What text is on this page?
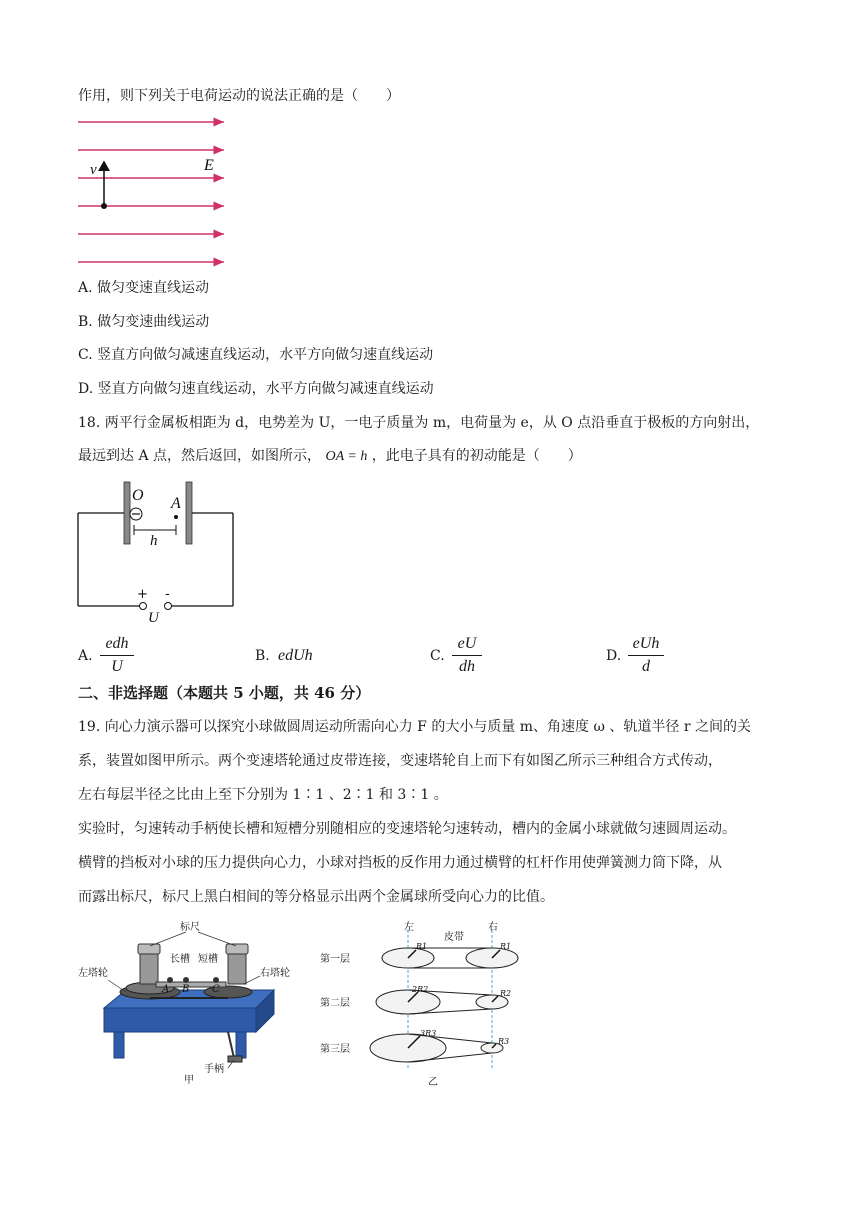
作用，则下列关于电荷运动的说法正确的是（　　）
v	E
A. 做匀变速直线运动
B. 做匀变速曲线运动
C. 竖直方向做匀减速直线运动，水平方向做匀速直线运动
D. 竖直方向做匀速直线运动，水平方向做匀减速直线运动
18. 两平行金属板相距为 d，电势差为 U，一电子质量为 m，电荷量为 e，从 O 点沿垂直于极板的方向射出，
最远到达 A 点，然后返回，如图所示， OA = h ，此电子具有的初动能是（　　）
O A
h
+ -
U
A.
edh
U
B. edUh	C.
eU
dh
D.
eUh
d
二、非选择题（本题共 5 小题，共 46 分）
19. 向心力演示器可以探究小球做圆周运动所需向心力 F 的大小与质量 m、角速度 ω 、轨道半径 r 之间的关
系，装置如图甲所示。两个变速塔轮通过皮带连接，变速塔轮自上而下有如图乙所示三种组合方式传动，
左右每层半径之比由上至下分别为 1∶1 、2∶1 和 3∶1 。
实验时，匀速转动手柄使长槽和短槽分别随相应的变速塔轮匀速转动，槽内的金属小球就做匀速圆周运动。
横臂的挡板对小球的压力提供向心力，小球对挡板的反作用力通过横臂的杠杆作用使弹簧测力筒下降，从
而露出标尺，标尺上黑白相间的等分格显示出两个金属球所受向心力的比值。
标尺
长槽 短槽
左塔轮	右塔轮
A B C
手柄
甲
左	右
皮带
第一层
第二层
第三层
R1	R1
2R2	R2
3R3
R3
乙
